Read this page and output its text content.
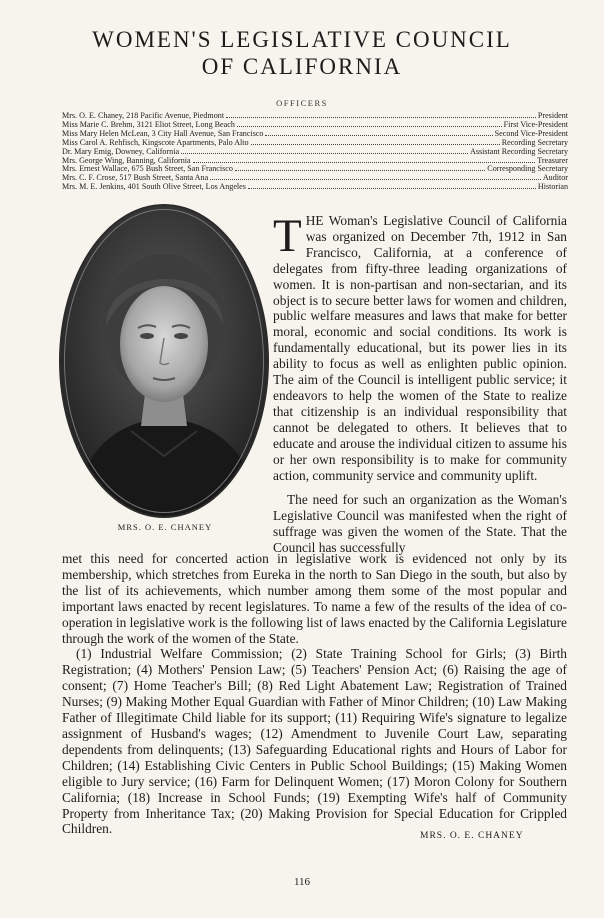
WOMEN'S LEGISLATIVE COUNCIL
OF CALIFORNIA
OFFICERS
Mrs. O. E. Chaney, 218 Pacific Avenue, Piedmont	President
Miss Marie C. Brehm, 3121 Eliot Street, Long Beach	First Vice-President
Miss Mary Helen McLean, 3 City Hall Avenue, San Francisco	Second Vice-President
Miss Carol A. Rehfisch, Kingscote Apartments, Palo Alto	Recording Secretary
Dr. Mary Emig, Downey, California	Assistant Recording Secretary
Mrs. George Wing, Banning, California	Treasurer
Mrs. Ernest Wallace, 675 Bush Street, San Francisco	Corresponding Secretary
Mrs. C. F. Crose, 517 Bush Street, Santa Ana	Auditor
Mrs. M. E. Jenkins, 401 South Olive Street, Los Angeles	Historian
MRS. O. E. CHANEY
THE Woman's Legislative Council of California was organized on December 7th, 1912 in San Francisco, California, at a conference of delegates from fifty-three leading organizations of women. It is non-partisan and non-sectarian, and its object is to secure better laws for women and children, public welfare measures and laws that make for better moral, economic and social conditions. Its work is fundamentally educational, but its power lies in its ability to focus as well as enlighten public opinion. The aim of the Council is intelligent public service; it endeavors to help the women of the State to realize that citizenship is an individual responsibility that cannot be delegated to others. It believes that to educate and arouse the individual citizen to assume his or her own responsibility is to make for community action, community service and community uplift.
The need for such an organization as the Woman's Legislative Council was manifested when the right of suffrage was given the women of the State. That the Council has successfully
met this need for concerted action in legislative work is evidenced not only by its membership, which stretches from Eureka in the north to San Diego in the south, but also by the list of its achievements, which number among them some of the most popular and important laws enacted by recent legislatures. To name a few of the results of the idea of co-operation in legislative work is the following list of laws enacted by the California Legislature through the work of the women of the State.
(1) Industrial Welfare Commission; (2) State Training School for Girls; (3) Birth Registration; (4) Mothers' Pension Law; (5) Teachers' Pension Act; (6) Raising the age of consent; (7) Home Teacher's Bill; (8) Red Light Abatement Law; Registration of Trained Nurses; (9) Making Mother Equal Guardian with Father of Minor Children; (10) Law Making Father of Illegitimate Child liable for its support; (11) Requiring Wife's signature to legalize assignment of Husband's wages; (12) Amendment to Juvenile Court Law, separating dependents from delinquents; (13) Safeguarding Educational rights and Hours of Labor for Children; (14) Establishing Civic Centers in Public School Buildings; (15) Making Women eligible to Jury service; (16) Farm for Delinquent Women; (17) Moron Colony for Southern California; (18) Increase in School Funds; (19) Exempting Wife's half of Community Property from Inheritance Tax; (20) Making Provision for Special Education for Crippled Children.	MRS. O. E. CHANEY
116
